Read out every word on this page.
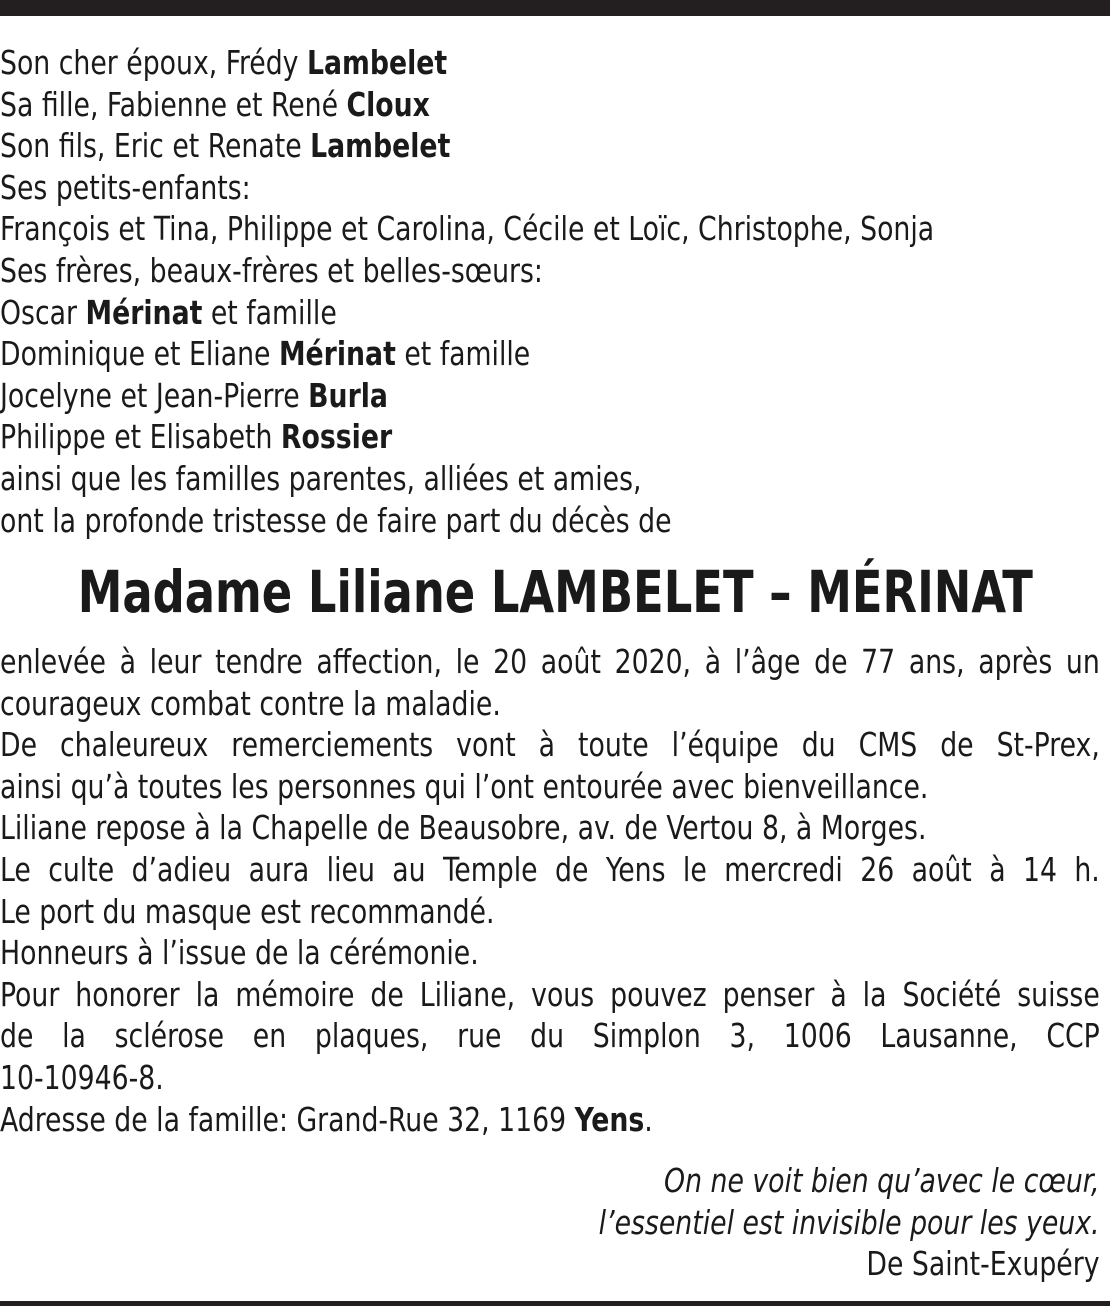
Son cher époux, Frédy Lambelet
Sa fille, Fabienne et René Cloux
Son fils, Eric et Renate Lambelet
Ses petits-enfants:
François et Tina, Philippe et Carolina, Cécile et Loïc, Christophe, Sonja
Ses frères, beaux-frères et belles-sœurs:
Oscar Mérinat et famille
Dominique et Eliane Mérinat et famille
Jocelyne et Jean-Pierre Burla
Philippe et Elisabeth Rossier
ainsi que les familles parentes, alliées et amies,
ont la profonde tristesse de faire part du décès de
Madame Liliane LAMBELET – MÉRINAT
enlevée à leur tendre affection, le 20 août 2020, à l’âge de 77 ans, après un
courageux combat contre la maladie.
De chaleureux remerciements vont à toute l’équipe du CMS de St-Prex,
ainsi qu’à toutes les personnes qui l’ont entourée avec bienveillance.
Liliane repose à la Chapelle de Beausobre, av. de Vertou 8, à Morges.
Le culte d’adieu aura lieu au Temple de Yens le mercredi 26 août à 14 h.
Le port du masque est recommandé.
Honneurs à l’issue de la cérémonie.
Pour honorer la mémoire de Liliane, vous pouvez penser à la Société suisse
de la sclérose en plaques, rue du Simplon 3, 1006 Lausanne, CCP
10-10946-8.
Adresse de la famille: Grand-Rue 32, 1169 Yens.
On ne voit bien qu’avec le cœur,
l’essentiel est invisible pour les yeux.
De Saint-Exupéry
